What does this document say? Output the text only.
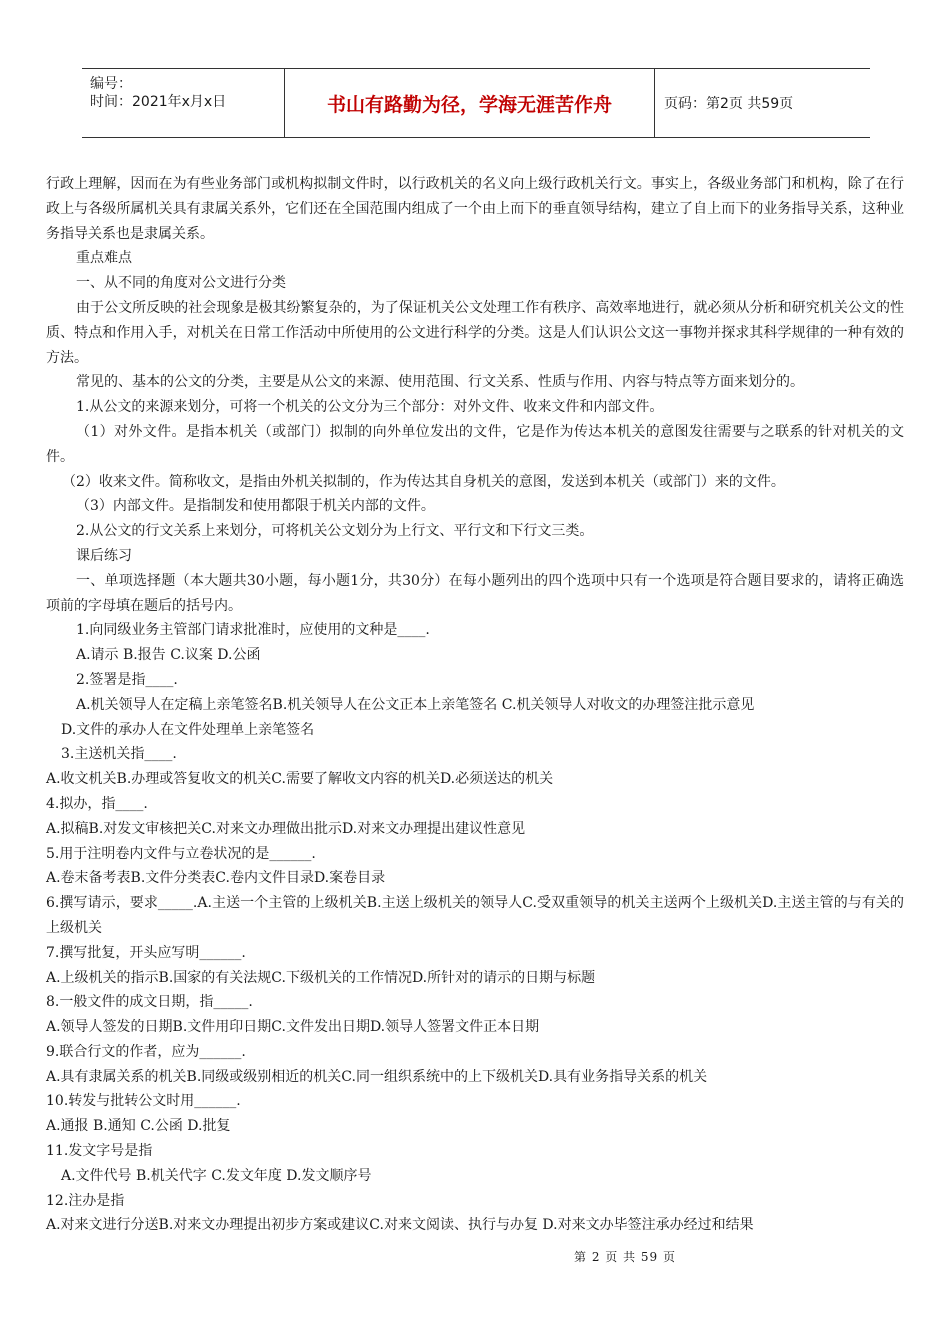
编号：
时间：2021年x月x日	书山有路勤为径，学海无涯苦作舟	页码：第2页 共59页

行政上理解，因而在为有些业务部门或机构拟制文件时，以行政机关的名义向上级行政机关行文。事实上，各级业务部门和机构，除了在行政上与各级所属机关具有隶属关系外，它们还在全国范围内组成了一个由上而下的垂直领导结构，建立了自上而下的业务指导关系，这种业务指导关系也是隶属关系。

重点难点

一、从不同的角度对公文进行分类

由于公文所反映的社会现象是极其纷繁复杂的，为了保证机关公文处理工作有秩序、高效率地进行，就必须从分析和研究机关公文的性质、特点和作用入手，对机关在日常工作活动中所使用的公文进行科学的分类。这是人们认识公文这一事物并探求其科学规律的一种有效的方法。

常见的、基本的公文的分类，主要是从公文的来源、使用范围、行文关系、性质与作用、内容与特点等方面来划分的。

1.从公文的来源来划分，可将一个机关的公文分为三个部分：对外文件、收来文件和内部文件。

（1）对外文件。是指本机关（或部门）拟制的向外单位发出的文件，它是作为传达本机关的意图发往需要与之联系的针对机关的文件。

（2）收来文件。简称收文，是指由外机关拟制的，作为传达其自身机关的意图，发送到本机关（或部门）来的文件。

（3）内部文件。是指制发和使用都限于机关内部的文件。

2.从公文的行文关系上来划分，可将机关公文划分为上行文、平行文和下行文三类。

课后练习

一、单项选择题（本大题共30小题，每小题1分，共30分）在每小题列出的四个选项中只有一个选项是符合题目要求的，请将正确选项前的字母填在题后的括号内。

1.向同级业务主管部门请求批准时，应使用的文种是____.

A.请示 B.报告 C.议案 D.公函

2.签署是指____.

A.机关领导人在定稿上亲笔签名B.机关领导人在公文正本上亲笔签名 C.机关领导人对收文的办理签注批示意见

D.文件的承办人在文件处理单上亲笔签名

3.主送机关指____.

A.收文机关B.办理或答复收文的机关C.需要了解收文内容的机关D.必须送达的机关

4.拟办，指____.

A.拟稿B.对发文审核把关C.对来文办理做出批示D.对来文办理提出建议性意见

5.用于注明卷内文件与立卷状况的是______.

A.卷末备考表B.文件分类表C.卷内文件目录D.案卷目录

6.撰写请示，要求_____.A.主送一个主管的上级机关B.主送上级机关的领导人C.受双重领导的机关主送两个上级机关D.主送主管的与有关的上级机关

7.撰写批复，开头应写明______.

A.上级机关的指示B.国家的有关法规C.下级机关的工作情况D.所针对的请示的日期与标题

8.一般文件的成文日期，指_____.

A.领导人签发的日期B.文件用印日期C.文件发出日期D.领导人签署文件正本日期

9.联合行文的作者，应为______.

A.具有隶属关系的机关B.同级或级别相近的机关C.同一组织系统中的上下级机关D.具有业务指导关系的机关

10.转发与批转公文时用______.

A.通报 B.通知 C.公函 D.批复

11.发文字号是指

A.文件代号 B.机关代字 C.发文年度 D.发文顺序号

12.注办是指

A.对来文进行分送B.对来文办理提出初步方案或建议C.对来文阅读、执行与办复 D.对来文办毕签注承办经过和结果

第 2 页 共 59 页
